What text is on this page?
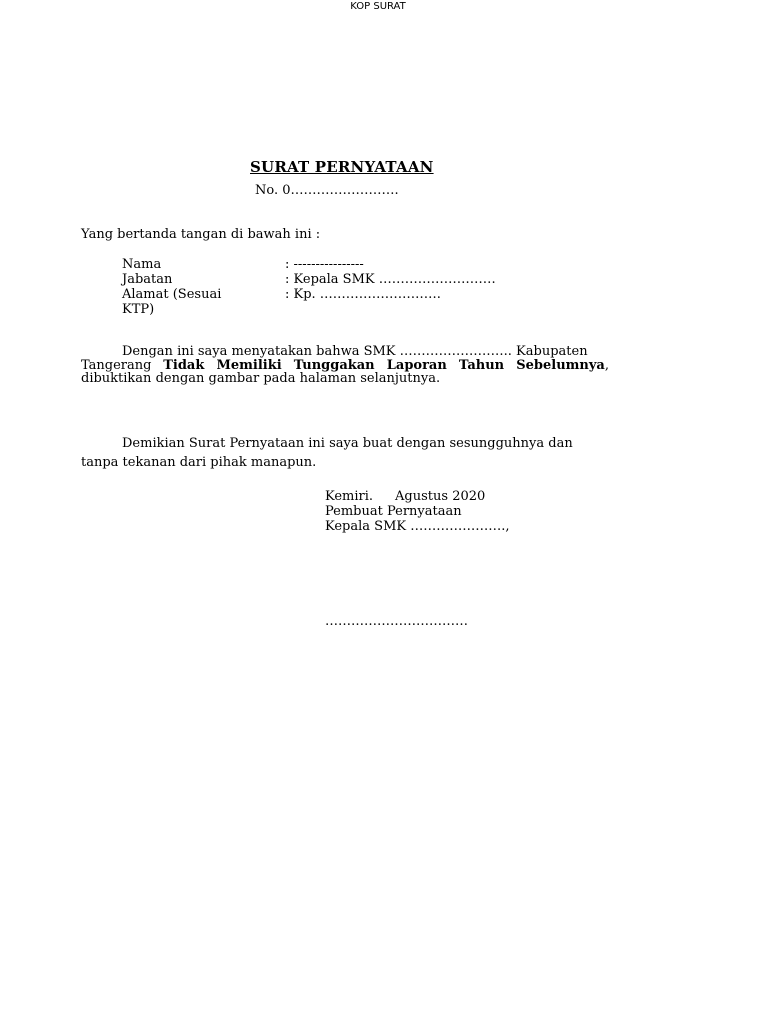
KOP SURAT
SURAT PERNYATAAN
No. 0…………………….
Yang bertanda tangan di bawah ini :
Nama	: ----------------
Jabatan	: Kepala SMK ………………………
Alamat (Sesuai
KTP)
: Kp. ……………………….
Dengan ini saya menyatakan bahwa SMK …………………….. Kabupaten
Tangerang Tidak Memiliki Tunggakan Laporan Tahun Sebelumnya,
dibuktikan dengan gambar pada halaman selanjutnya.
Demikian Surat Pernyataan ini saya buat dengan sesungguhnya dan
tanpa tekanan dari pihak manapun.
Kemiri. Agustus 2020
Pembuat Pernyataan
Kepala SMK ………………….,
……………………………
